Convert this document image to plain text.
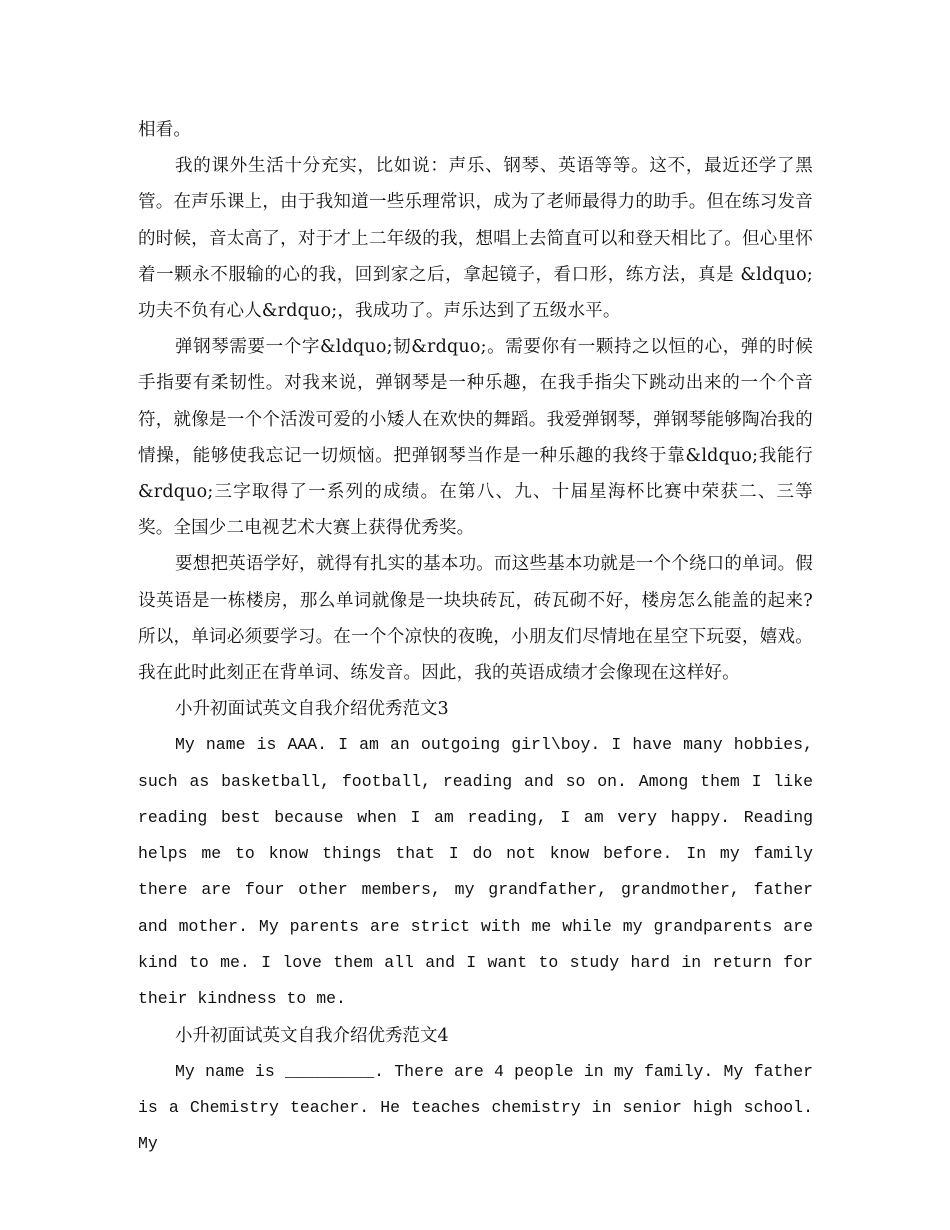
相看。

我的课外生活十分充实，比如说：声乐、钢琴、英语等等。这不，最近还学了黑管。在声乐课上，由于我知道一些乐理常识，成为了老师最得力的助手。但在练习发音的时候，音太高了，对于才上二年级的我，想唱上去简直可以和登天相比了。但心里怀着一颗永不服输的心的我，回到家之后，拿起镜子，看口形，练方法，真是 &ldquo;功夫不负有心人&rdquo;，我成功了。声乐达到了五级水平。

弹钢琴需要一个字&ldquo;韧&rdquo;。需要你有一颗持之以恒的心，弹的时候手指要有柔韧性。对我来说，弹钢琴是一种乐趣，在我手指尖下跳动出来的一个个音符，就像是一个个活泼可爱的小矮人在欢快的舞蹈。我爱弹钢琴，弹钢琴能够陶冶我的情操，能够使我忘记一切烦恼。把弹钢琴当作是一种乐趣的我终于靠&ldquo;我能行&rdquo;三字取得了一系列的成绩。在第八、九、十届星海杯比赛中荣获二、三等奖。全国少二电视艺术大赛上获得优秀奖。

要想把英语学好，就得有扎实的基本功。而这些基本功就是一个个绕口的单词。假设英语是一栋楼房，那么单词就像是一块块砖瓦，砖瓦砌不好，楼房怎么能盖的起来?所以，单词必须要学习。在一个个凉快的夜晚，小朋友们尽情地在星空下玩耍，嬉戏。我在此时此刻正在背单词、练发音。因此，我的英语成绩才会像现在这样好。

小升初面试英文自我介绍优秀范文3

My name is AAA. I am an outgoing girl\boy. I have many hobbies, such as basketball, football, reading and so on. Among them I like reading best because when I am reading, I am very happy. Reading helps me to know things that I do not know before. In my family there are four other members, my grandfather, grandmother, father and mother. My parents are strict with me while my grandparents are kind to me. I love them all and I want to study hard in return for their kindness to me.

小升初面试英文自我介绍优秀范文4

My name is _________. There are 4 people in my family. My father is a Chemistry teacher. He teaches chemistry in senior high school. My
